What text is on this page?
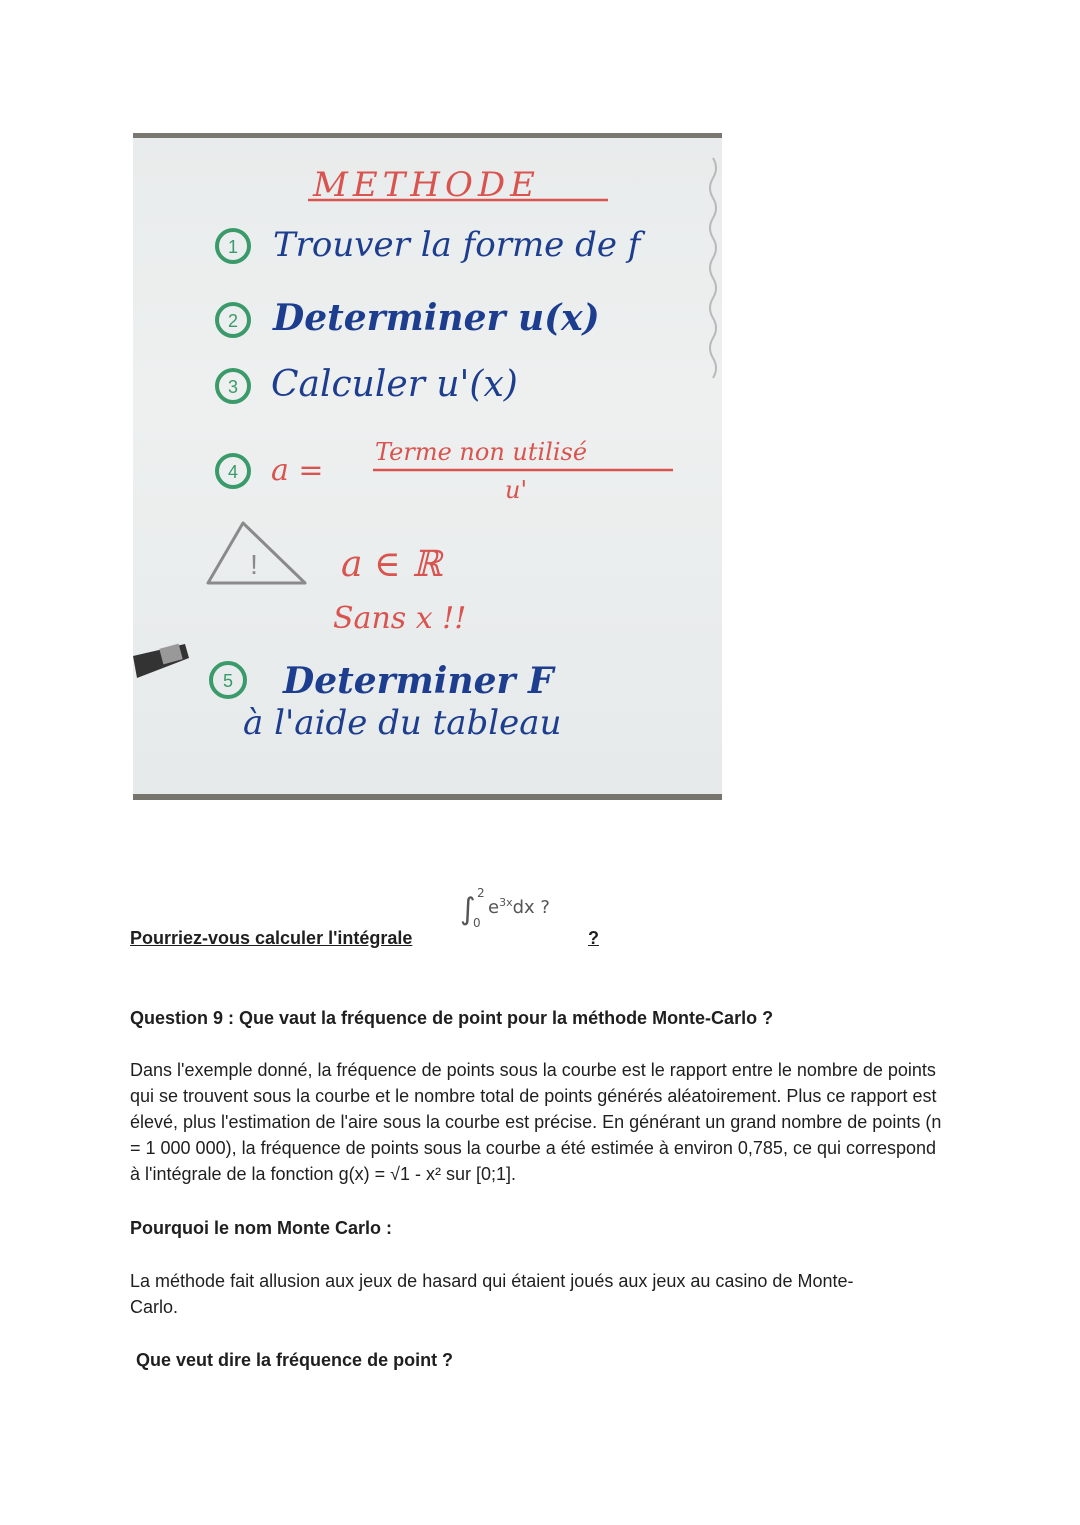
METHODE
1 Trouver la forme de f
2 Determiner u(x)
3 Calculer u'(x)
4 a =
Terme non utilisé
u'
! a ∈ ℝ
Sans x !!
5 Determiner F
à l'aide du tableau
Pourriez-vous calculer l'intégrale
∫ 2
0
$e^{3x}dx$ ?
?
Question 9 : Que vaut la fréquence de point pour la méthode Monte-Carlo ?
Dans l'exemple donné, la fréquence de points sous la courbe est le rapport entre le nombre de points qui se trouvent sous la courbe et le nombre total de points générés aléatoirement. Plus ce rapport est élevé, plus l'estimation de l'aire sous la courbe est précise. En générant un grand nombre de points (n = 1 000 000), la fréquence de points sous la courbe a été estimée à environ 0,785, ce qui correspond à l'intégrale de la fonction g(x) = √1 - x² sur [0;1].
Pourquoi le nom Monte Carlo :
La méthode fait allusion aux jeux de hasard qui étaient joués aux jeux au casino de Monte-Carlo.
Que veut dire la fréquence de point ?
